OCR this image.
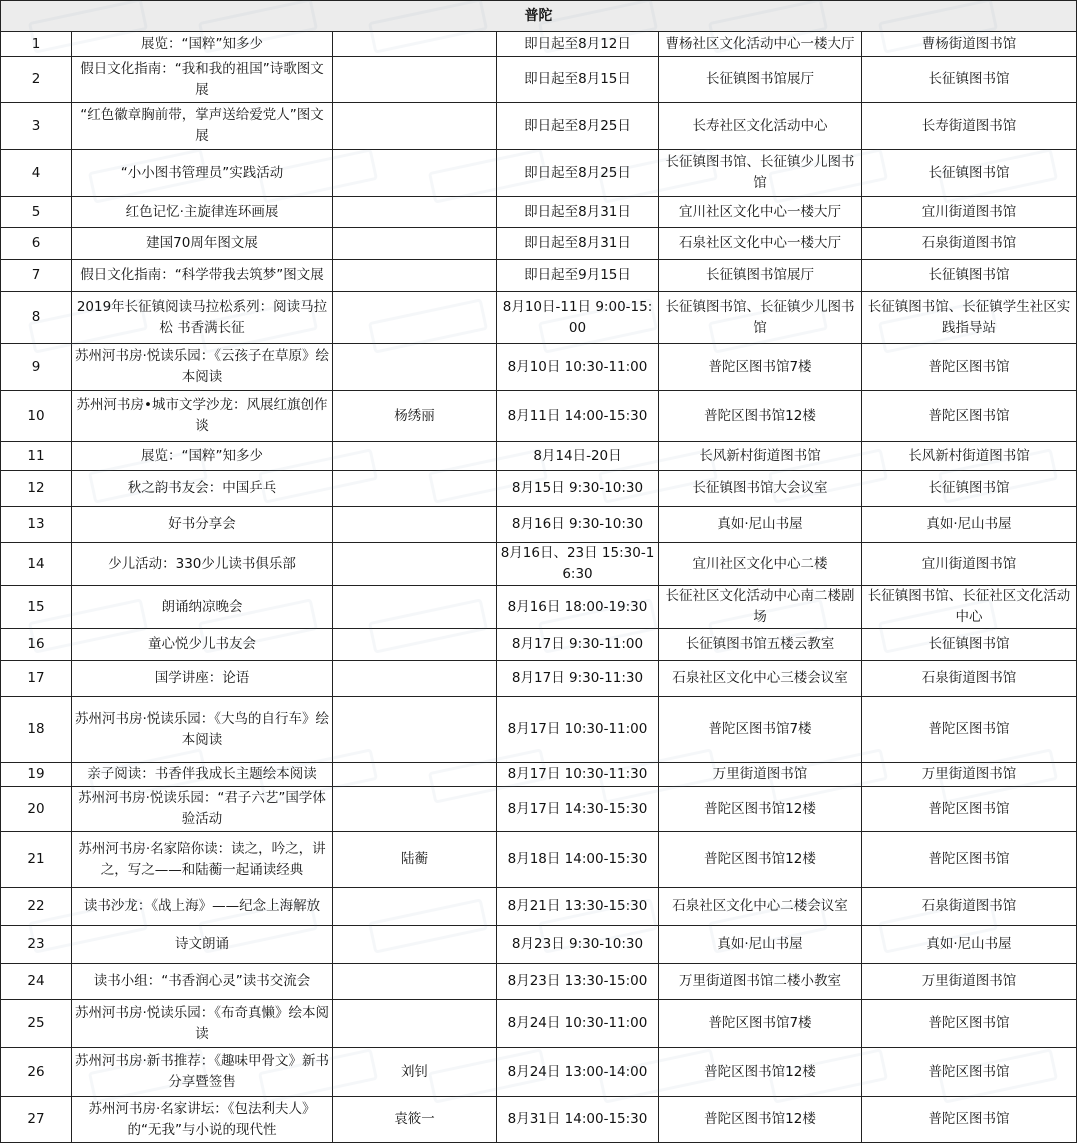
普陀					
1	展览：“国粹”知多少		即日起至8月12日	曹杨社区文化活动中心一楼大厅	曹杨街道图书馆
2	假日文化指南：“我和我的祖国”诗歌图文展		即日起至8月15日	长征镇图书馆展厅	长征镇图书馆
3	“红色徽章胸前带，掌声送给爱党人”图文展		即日起至8月25日	长寿社区文化活动中心	长寿街道图书馆
4	“小小图书管理员”实践活动		即日起至8月25日	长征镇图书馆、长征镇少儿图书馆	长征镇图书馆
5	红色记忆·主旋律连环画展		即日起至8月31日	宜川社区文化中心一楼大厅	宜川街道图书馆
6	建国70周年图文展		即日起至8月31日	石泉社区文化中心一楼大厅	石泉街道图书馆
7	假日文化指南：“科学带我去筑梦”图文展		即日起至9月15日	长征镇图书馆展厅	长征镇图书馆
8	2019年长征镇阅读马拉松系列：阅读马拉松 书香满长征		8月10日-11日 9:00-15:00	长征镇图书馆、长征镇少儿图书馆	长征镇图书馆、长征镇学生社区实践指导站
9	苏州河书房·悦读乐园：《云孩子在草原》绘本阅读		8月10日 10:30-11:00	普陀区图书馆7楼	普陀区图书馆
10	苏州河书房•城市文学沙龙：风展红旗创作谈	杨绣丽	8月11日 14:00-15:30	普陀区图书馆12楼	普陀区图书馆
11	展览：“国粹”知多少		8月14日-20日	长风新村街道图书馆	长风新村街道图书馆
12	秋之韵书友会：中国乒乓		8月15日 9:30-10:30	长征镇图书馆大会议室	长征镇图书馆
13	好书分享会		8月16日 9:30-10:30	真如·尼山书屋	真如·尼山书屋
14	少儿活动：330少儿读书俱乐部		8月16日、23日 15:30-16:30	宜川社区文化中心二楼	宜川街道图书馆
15	朗诵纳凉晚会		8月16日 18:00-19:30	长征社区文化活动中心南二楼剧场	长征镇图书馆、长征社区文化活动中心
16	童心悦少儿书友会		8月17日 9:30-11:00	长征镇图书馆五楼云教室	长征镇图书馆
17	国学讲座：论语		8月17日 9:30-11:30	石泉社区文化中心三楼会议室	石泉街道图书馆
18	苏州河书房·悦读乐园：《大鸟的自行车》绘本阅读		8月17日 10:30-11:00	普陀区图书馆7楼	普陀区图书馆
19	亲子阅读：书香伴我成长主题绘本阅读		8月17日 10:30-11:30	万里街道图书馆	万里街道图书馆
20	苏州河书房·悦读乐园：“君子六艺”国学体验活动		8月17日 14:30-15:30	普陀区图书馆12楼	普陀区图书馆
21	苏州河书房·名家陪你读：读之，吟之，讲之，写之——和陆蘅一起诵读经典	陆蘅	8月18日 14:00-15:30	普陀区图书馆12楼	普陀区图书馆
22	读书沙龙：《战上海》——纪念上海解放		8月21日 13:30-15:30	石泉社区文化中心二楼会议室	石泉街道图书馆
23	诗文朗诵		8月23日 9:30-10:30	真如·尼山书屋	真如·尼山书屋
24	读书小组：“书香润心灵”读书交流会		8月23日 13:30-15:00	万里街道图书馆二楼小教室	万里街道图书馆
25	苏州河书房·悦读乐园：《布奇真懒》绘本阅读		8月24日 10:30-11:00	普陀区图书馆7楼	普陀区图书馆
26	苏州河书房·新书推荐：《趣味甲骨文》新书分享暨签售	刘钊	8月24日 13:00-14:00	普陀区图书馆12楼	普陀区图书馆
27	苏州河书房·名家讲坛：《包法利夫人》的“无我”与小说的现代性	袁筱一	8月31日 14:00-15:30	普陀区图书馆12楼	普陀区图书馆
